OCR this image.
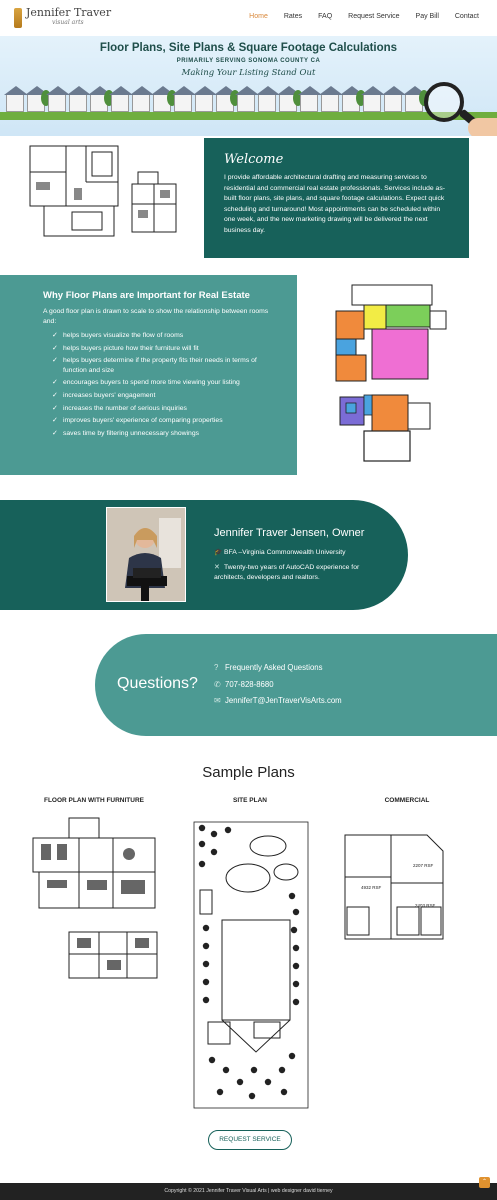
Jennifer Traver
visual arts
Home Rates FAQ Request Service Pay Bill Contact
Floor Plans, Site Plans & Square Footage Calculations
PRIMARILY SERVING SONOMA COUNTY CA
Making Your Listing Stand Out
Welcome
I provide affordable architectural drafting and measuring services to residential and commercial real estate professionals. Services include as-built floor plans, site plans, and square footage calculations. Expect quick scheduling and turnaround! Most appointments can be scheduled within one week, and the new marketing drawing will be delivered the next business day.
Why Floor Plans are Important for Real Estate
A good floor plan is drawn to scale to show the relationship between rooms and:
✓ helps buyers visualize the flow of rooms
✓ helps buyers picture how their furniture will fit
✓ helps buyers determine if the property fits their needs in terms of function and size
✓ encourages buyers to spend more time viewing your listing
✓ increases buyers' engagement
✓ increases the number of serious inquiries
✓ improves buyers' experience of comparing properties
✓ saves time by filtering unnecessary showings
Jennifer Traver Jensen, Owner
🎓 BFA –Virginia Commonwealth University
✕ Twenty-two years of AutoCAD experience for architects, developers and realtors.
Questions?
? Frequently Asked Questions
✆ 707-828-8680
✉ JenniferT@JenTraverVisArts.com
Sample Plans
FLOOR PLAN WITH FURNITURE	SITE PLAN	COMMERCIAL
2207 RSF
4932 RSF
2403 RSF
REQUEST SERVICE
Copyright © 2021 Jennifer Traver Visual Arts | web designer david tierney
⌃
